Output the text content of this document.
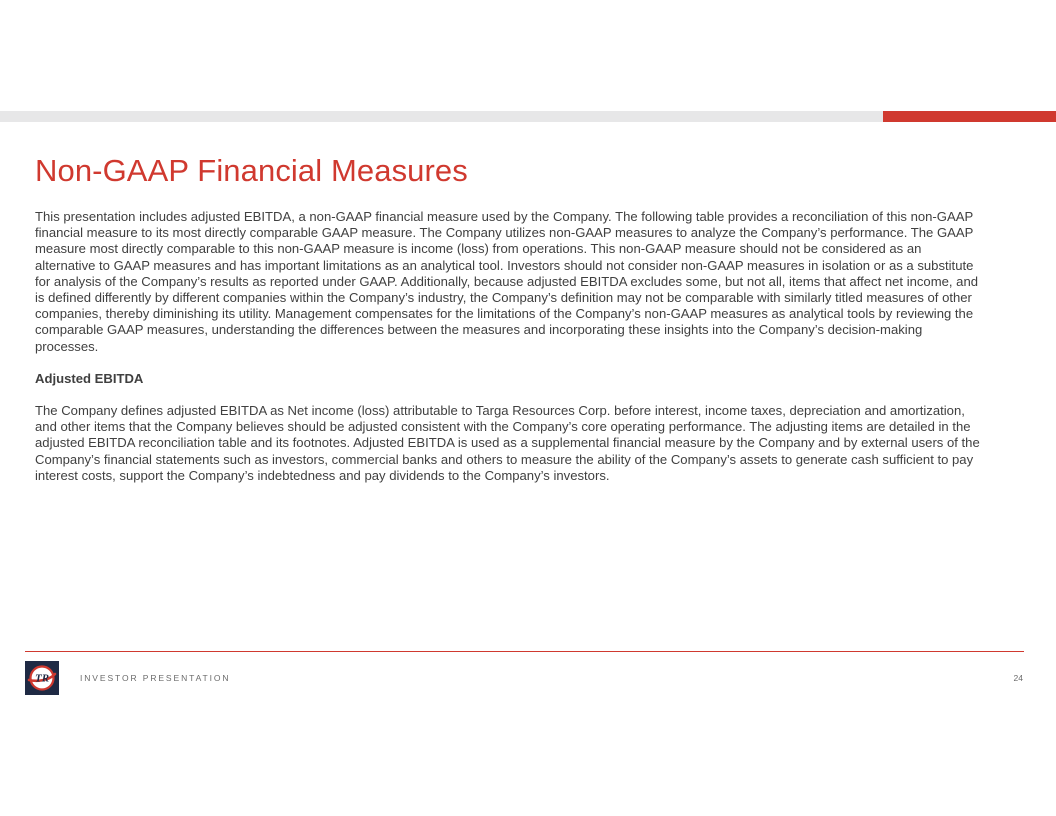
Non-GAAP Financial Measures

This presentation includes adjusted EBITDA, a non-GAAP financial measure used by the Company. The following table provides a reconciliation of this non-GAAP financial measure to its most directly comparable GAAP measure. The Company utilizes non-GAAP measures to analyze the Company’s performance. The GAAP measure most directly comparable to this non-GAAP measure is income (loss) from operations. This non-GAAP measure should not be considered as an alternative to GAAP measures and has important limitations as an analytical tool. Investors should not consider non-GAAP measures in isolation or as a substitute for analysis of the Company’s results as reported under GAAP. Additionally, because adjusted EBITDA excludes some, but not all, items that affect net income, and is defined differently by different companies within the Company’s industry, the Company’s definition may not be comparable with similarly titled measures of other companies, thereby diminishing its utility. Management compensates for the limitations of the Company’s non-GAAP measures as analytical tools by reviewing the comparable GAAP measures, understanding the differences between the measures and incorporating these insights into the Company’s decision-making processes.

Adjusted EBITDA

The Company defines adjusted EBITDA as Net income (loss) attributable to Targa Resources Corp. before interest, income taxes, depreciation and amortization, and other items that the Company believes should be adjusted consistent with the Company’s core operating performance. The adjusting items are detailed in the adjusted EBITDA reconciliation table and its footnotes. Adjusted EBITDA is used as a supplemental financial measure by the Company and by external users of the Company’s financial statements such as investors, commercial banks and others to measure the ability of the Company’s assets to generate cash sufficient to pay interest costs, support the Company’s indebtedness and pay dividends to the Company’s investors.

TR	INVESTOR PRESENTATION	24
